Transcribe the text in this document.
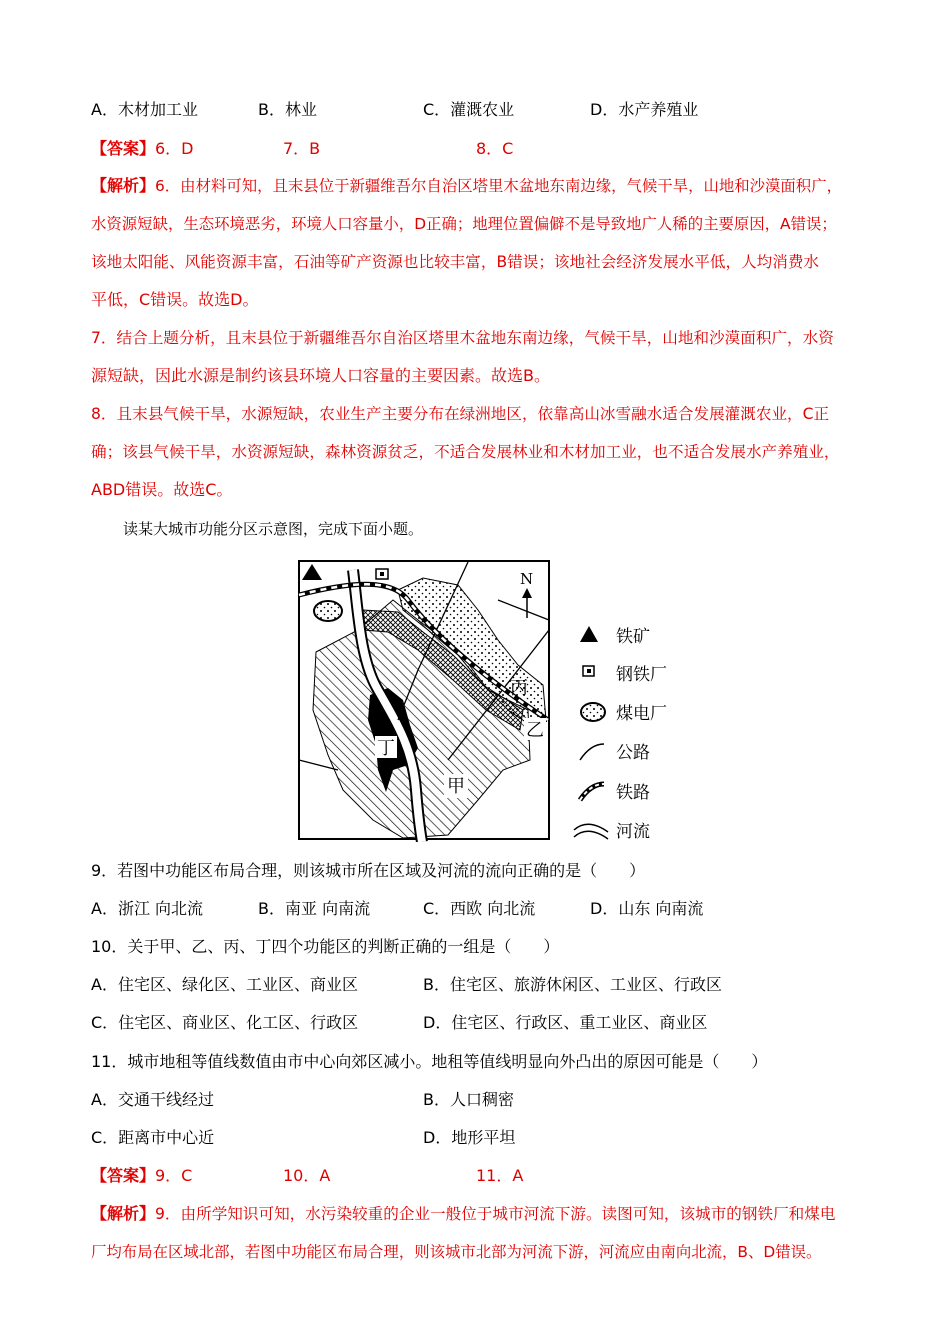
A．木材加工业	B．林业	C．灌溉农业	D．水产养殖业
【答案】 6．D	7．B	8．C
【解析】 6．由材料可知，且末县位于新疆维吾尔自治区塔里木盆地东南边缘，气候干旱，山地和沙漠面积广，
水资源短缺，生态环境恶劣，环境人口容量小，D正确；地理位置偏僻不是导致地广人稀的主要原因，A错误；
该地太阳能、风能资源丰富，石油等矿产资源也比较丰富，B错误；该地社会经济发展水平低，人均消费水
平低，C错误。故选D。
7．结合上题分析，且末县位于新疆维吾尔自治区塔里木盆地东南边缘，气候干旱，山地和沙漠面积广，水资
源短缺，因此水源是制约该县环境人口容量的主要因素。故选B。
8．且末县气候干旱，水源短缺，农业生产主要分布在绿洲地区，依靠高山冰雪融水适合发展灌溉农业，C正
确；该县气候干旱，水资源短缺，森林资源贫乏，不适合发展林业和木材加工业，也不适合发展水产养殖业，
ABD错误。故选C。
读某大城市功能分区示意图，完成下面小题。
丙
乙
丁
甲
N
铁矿
钢铁厂
煤电厂
公路
铁路
河流
9．若图中功能区布局合理，则该城市所在区域及河流的流向正确的是（　　）
A．浙江 向北流	B．南亚 向南流	C．西欧 向北流	D．山东 向南流
10．关于甲、乙、丙、丁四个功能区的判断正确的一组是（　　）
A．住宅区、绿化区、工业区、商业区	B．住宅区、旅游休闲区、工业区、行政区
C．住宅区、商业区、化工区、行政区	D．住宅区、行政区、重工业区、商业区
11．城市地租等值线数值由市中心向郊区减小。地租等值线明显向外凸出的原因可能是（　　）
A．交通干线经过	B．人口稠密
C．距离市中心近	D．地形平坦
【答案】 9．C	10．A	11．A
【解析】 9．由所学知识可知，水污染较重的企业一般位于城市河流下游。读图可知，该城市的钢铁厂和煤电
厂均布局在区域北部，若图中功能区布局合理，则该城市北部为河流下游，河流应由南向北流，B、D错误。
